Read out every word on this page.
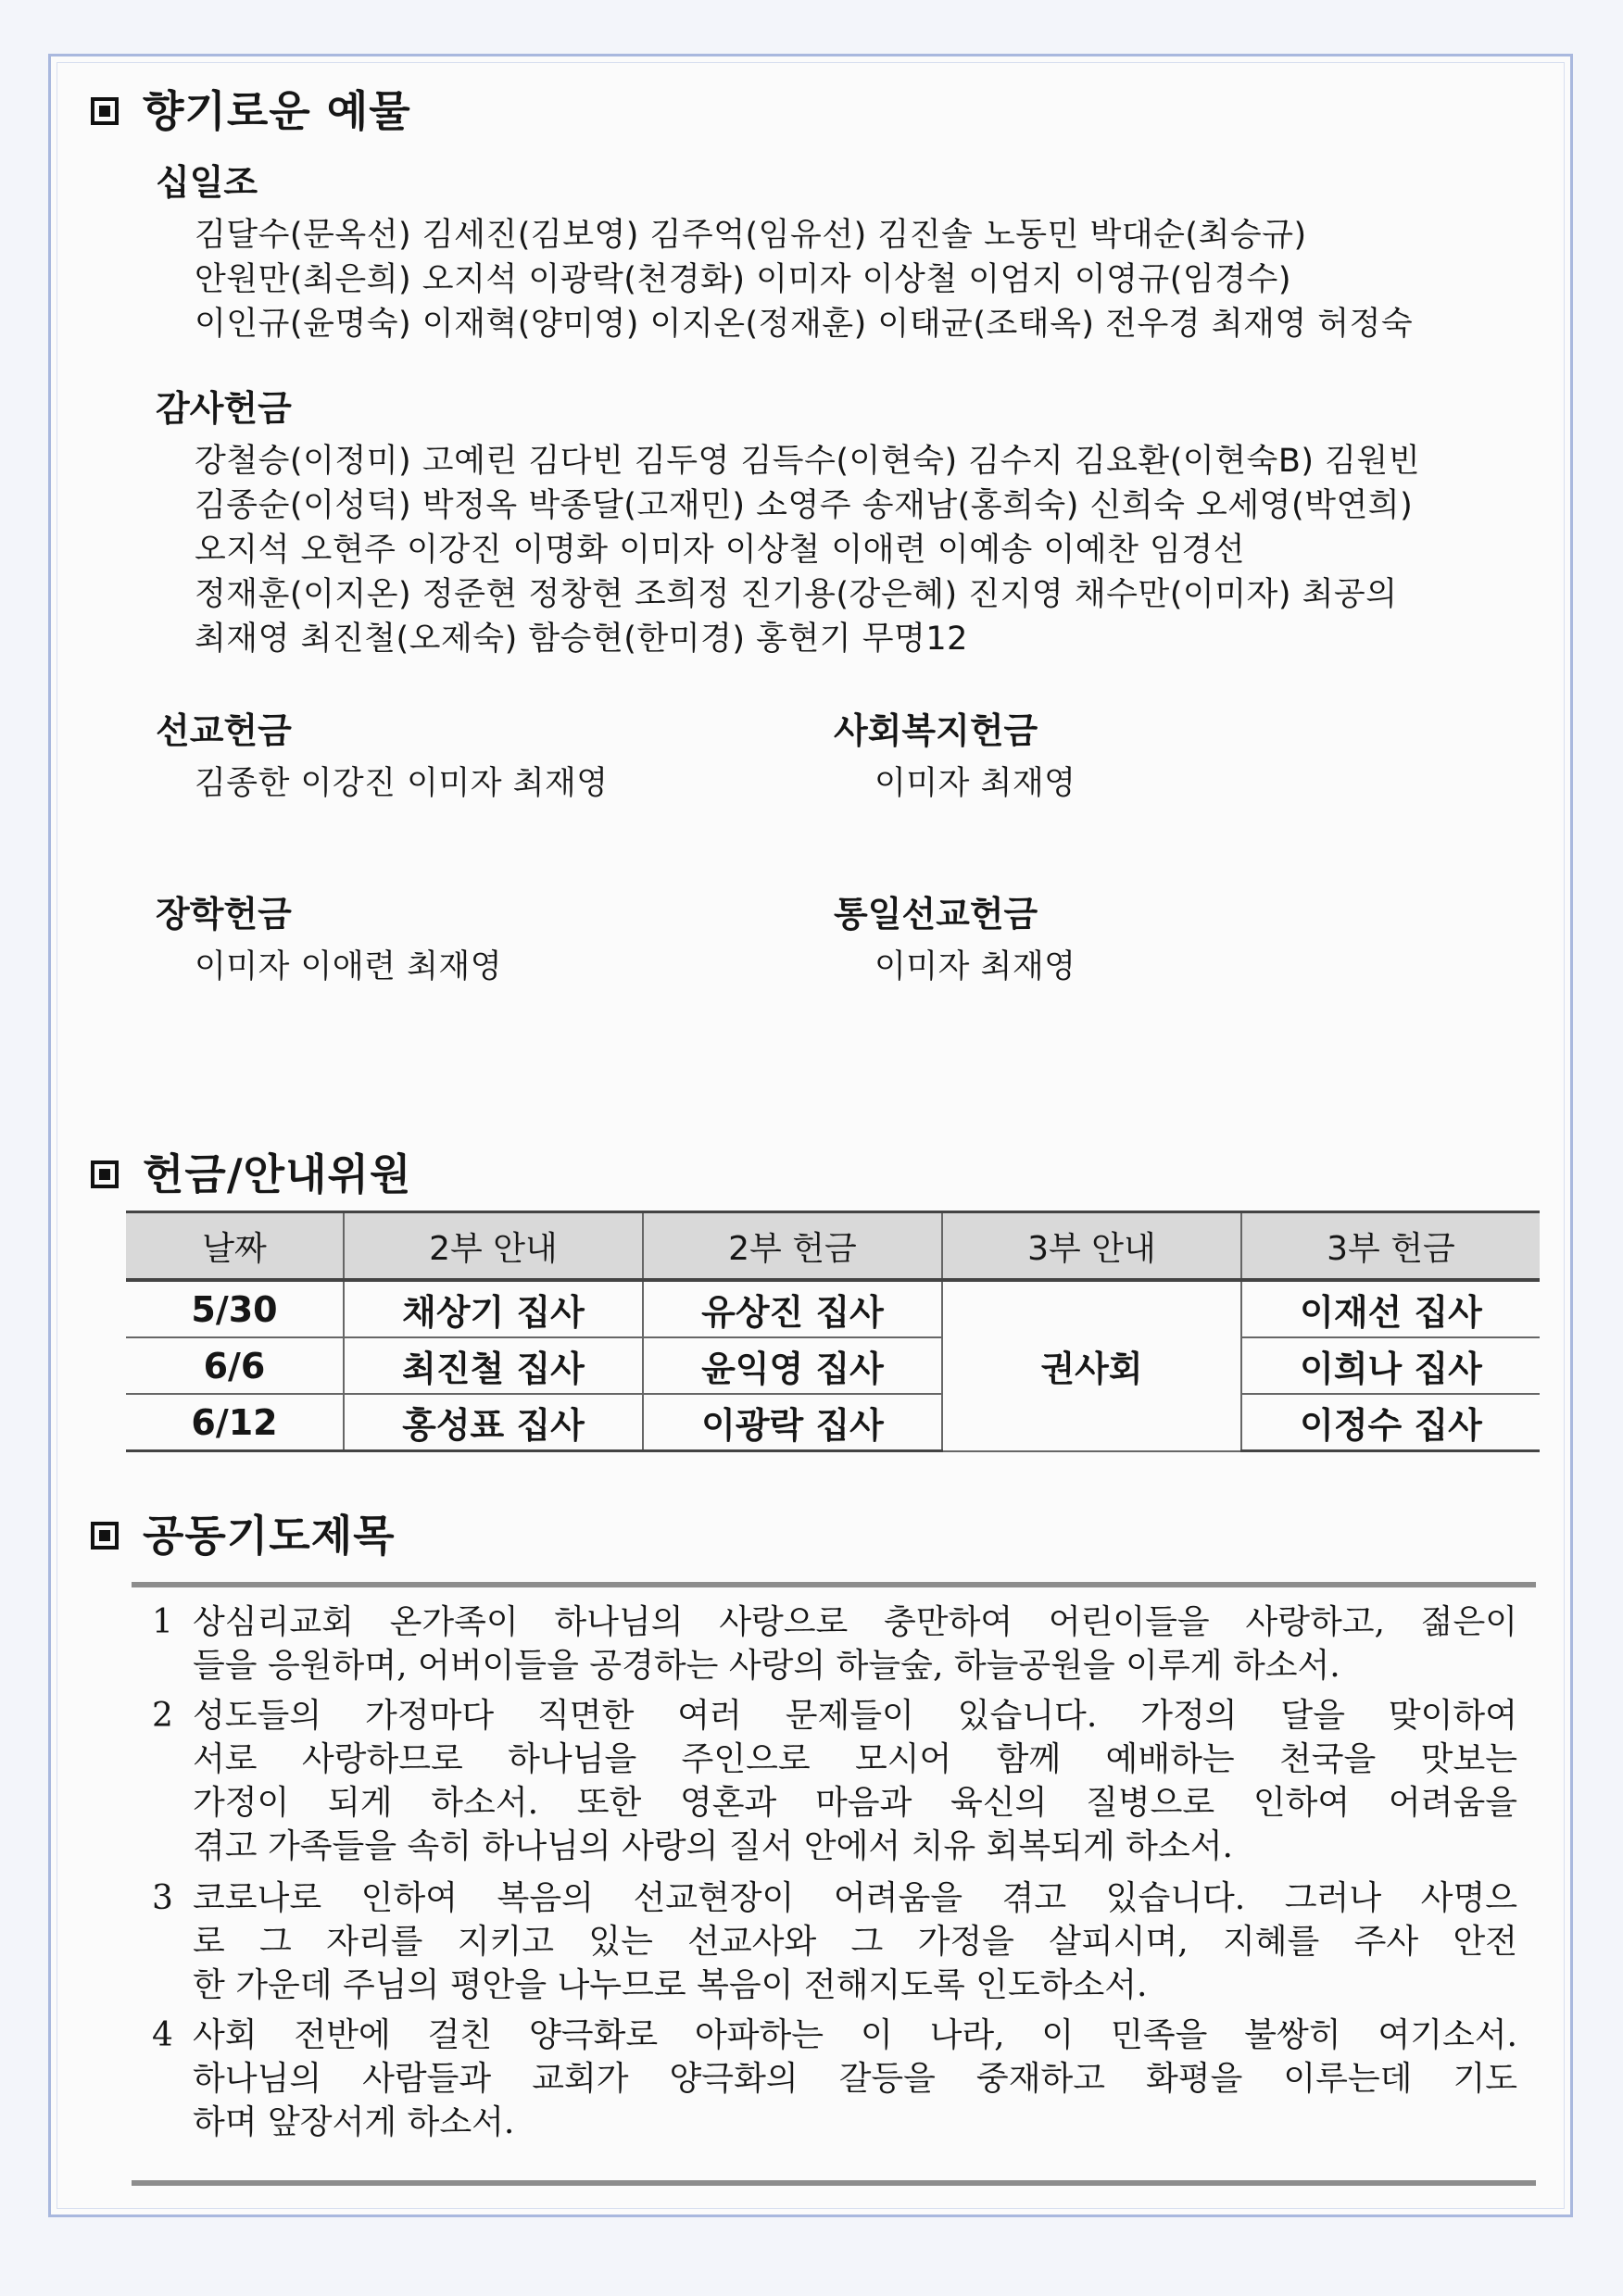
향기로운 예물
십일조
김달수(문옥선) 김세진(김보영) 김주억(임유선) 김진솔 노동민 박대순(최승규)
안원만(최은희) 오지석 이광락(천경화) 이미자 이상철 이엄지 이영규(임경수)
이인규(윤명숙) 이재혁(양미영) 이지온(정재훈) 이태균(조태옥) 전우경 최재영 허정숙
감사헌금
강철승(이정미) 고예린 김다빈 김두영 김득수(이현숙) 김수지 김요환(이현숙B) 김원빈
김종순(이성덕) 박정옥 박종달(고재민) 소영주 송재남(홍희숙) 신희숙 오세영(박연희)
오지석 오현주 이강진 이명화 이미자 이상철 이애련 이예송 이예찬 임경선
정재훈(이지온) 정준현 정창현 조희정 진기용(강은혜) 진지영 채수만(이미자) 최공의
최재영 최진철(오제숙) 함승현(한미경) 홍현기 무명12
선교헌금
김종한 이강진 이미자 최재영
사회복지헌금
이미자 최재영
장학헌금
이미자 이애련 최재영
통일선교헌금
이미자 최재영
헌금/안내위원
날짜	2부 안내	2부 헌금	3부 안내	3부 헌금
5/30	채상기 집사	유상진 집사	권사회	이재선 집사
6/6	최진철 집사	윤익영 집사		이희나 집사
6/12	홍성표 집사	이광락 집사		이정수 집사
공동기도제목
1 상심리교회 온가족이 하나님의 사랑으로 충만하여 어린이들을 사랑하고, 젊은이
들을 응원하며, 어버이들을 공경하는 사랑의 하늘숲, 하늘공원을 이루게 하소서.
2 성도들의 가정마다 직면한 여러 문제들이 있습니다. 가정의 달을 맞이하여
서로 사랑하므로 하나님을 주인으로 모시어 함께 예배하는 천국을 맛보는
가정이 되게 하소서. 또한 영혼과 마음과 육신의 질병으로 인하여 어려움을
겪고 가족들을 속히 하나님의 사랑의 질서 안에서 치유 회복되게 하소서.
3 코로나로 인하여 복음의 선교현장이 어려움을 겪고 있습니다. 그러나 사명으
로 그 자리를 지키고 있는 선교사와 그 가정을 살피시며, 지혜를 주사 안전
한 가운데 주님의 평안을 나누므로 복음이 전해지도록 인도하소서.
4 사회 전반에 걸친 양극화로 아파하는 이 나라, 이 민족을 불쌍히 여기소서.
하나님의 사람들과 교회가 양극화의 갈등을 중재하고 화평을 이루는데 기도
하며 앞장서게 하소서.
